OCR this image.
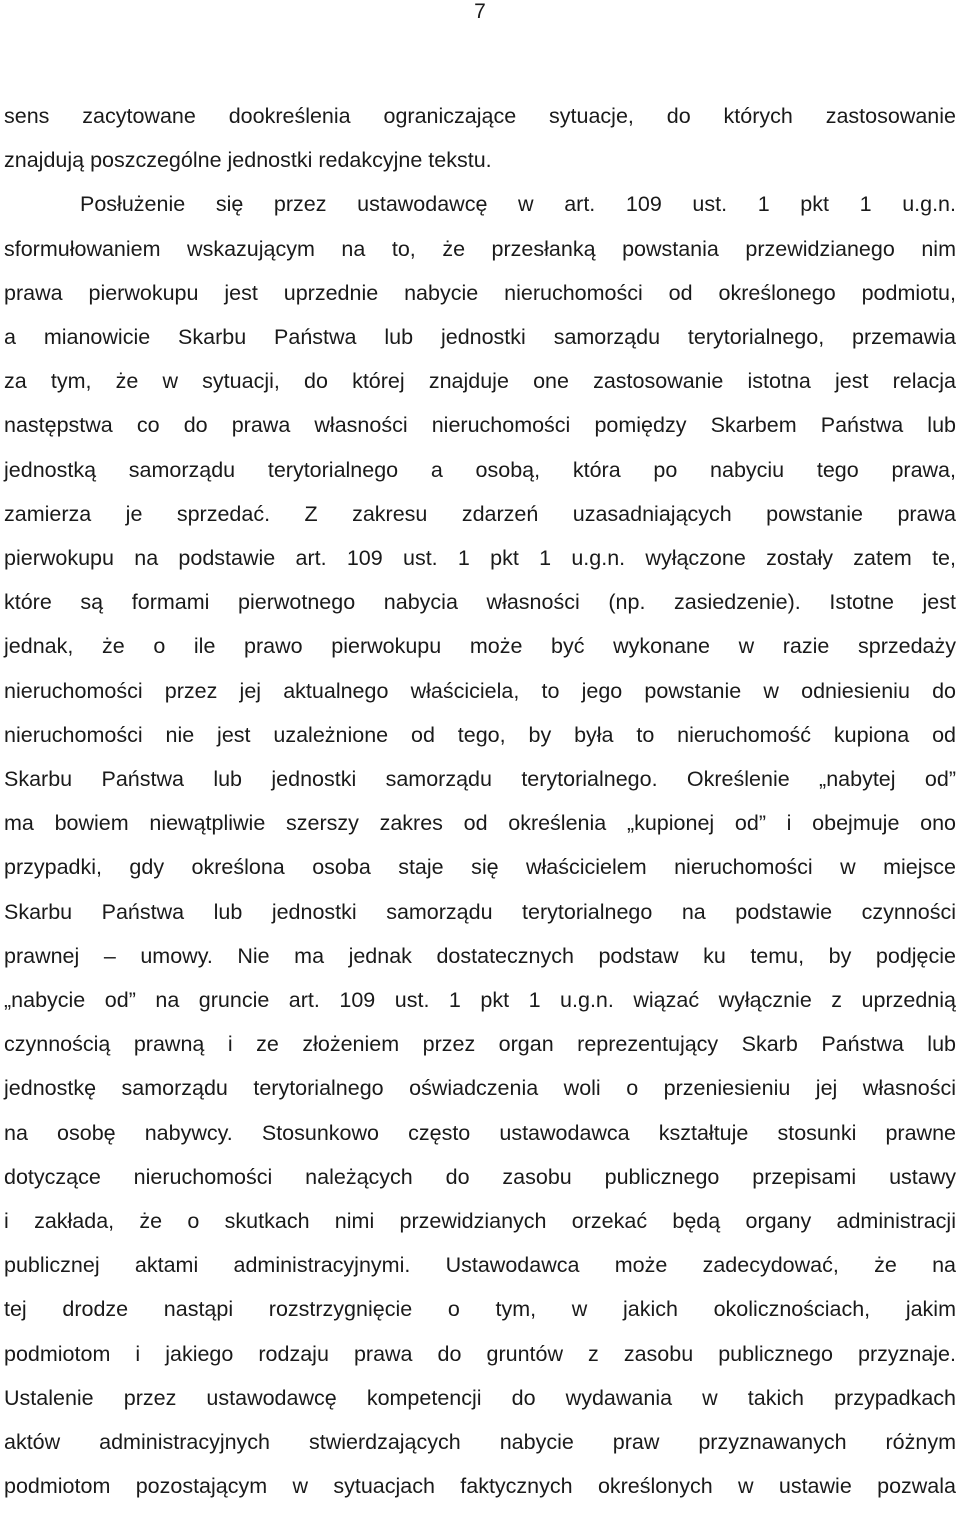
7

sens zacytowane dookreślenia ograniczające sytuacje, do których zastosowanie

znajdują poszczególne jednostki redakcyjne tekstu.

Posłużenie się przez ustawodawcę w art. 109 ust. 1 pkt 1 u.g.n.

sformułowaniem wskazującym na to, że przesłanką powstania przewidzianego nim

prawa pierwokupu jest uprzednie nabycie nieruchomości od określonego podmiotu,

a mianowicie Skarbu Państwa lub jednostki samorządu terytorialnego, przemawia

za tym, że w sytuacji, do której znajduje one zastosowanie istotna jest relacja

następstwa co do prawa własności nieruchomości pomiędzy Skarbem Państwa lub

jednostką samorządu terytorialnego a osobą, która po nabyciu tego prawa,

zamierza je sprzedać. Z zakresu zdarzeń uzasadniających powstanie prawa

pierwokupu na podstawie art. 109 ust. 1 pkt 1 u.g.n. wyłączone zostały zatem te,

które są formami pierwotnego nabycia własności (np. zasiedzenie). Istotne jest

jednak, że o ile prawo pierwokupu może być wykonane w razie sprzedaży

nieruchomości przez jej aktualnego właściciela, to jego powstanie w odniesieniu do

nieruchomości nie jest uzależnione od tego, by była to nieruchomość kupiona od

Skarbu Państwa lub jednostki samorządu terytorialnego. Określenie „nabytej od”

ma bowiem niewątpliwie szerszy zakres od określenia „kupionej od” i obejmuje ono

przypadki, gdy określona osoba staje się właścicielem nieruchomości w miejsce

Skarbu Państwa lub jednostki samorządu terytorialnego na podstawie czynności

prawnej – umowy. Nie ma jednak dostatecznych podstaw ku temu, by podjęcie

„nabycie od” na gruncie art. 109 ust. 1 pkt 1 u.g.n. wiązać wyłącznie z uprzednią

czynnością prawną i ze złożeniem przez organ reprezentujący Skarb Państwa lub

jednostkę samorządu terytorialnego oświadczenia woli o przeniesieniu jej własności

na osobę nabywcy. Stosunkowo często ustawodawca kształtuje stosunki prawne

dotyczące nieruchomości należących do zasobu publicznego przepisami ustawy

i zakłada, że o skutkach nimi przewidzianych orzekać będą organy administracji

publicznej aktami administracyjnymi. Ustawodawca może zadecydować, że na

tej drodze nastąpi rozstrzygnięcie o tym, w jakich okolicznościach, jakim

podmiotom i jakiego rodzaju prawa do gruntów z zasobu publicznego przyznaje.

Ustalenie przez ustawodawcę kompetencji do wydawania w takich przypadkach

aktów administracyjnych stwierdzających nabycie praw przyznawanych różnym

podmiotom pozostającym w sytuacjach faktycznych określonych w ustawie pozwala
